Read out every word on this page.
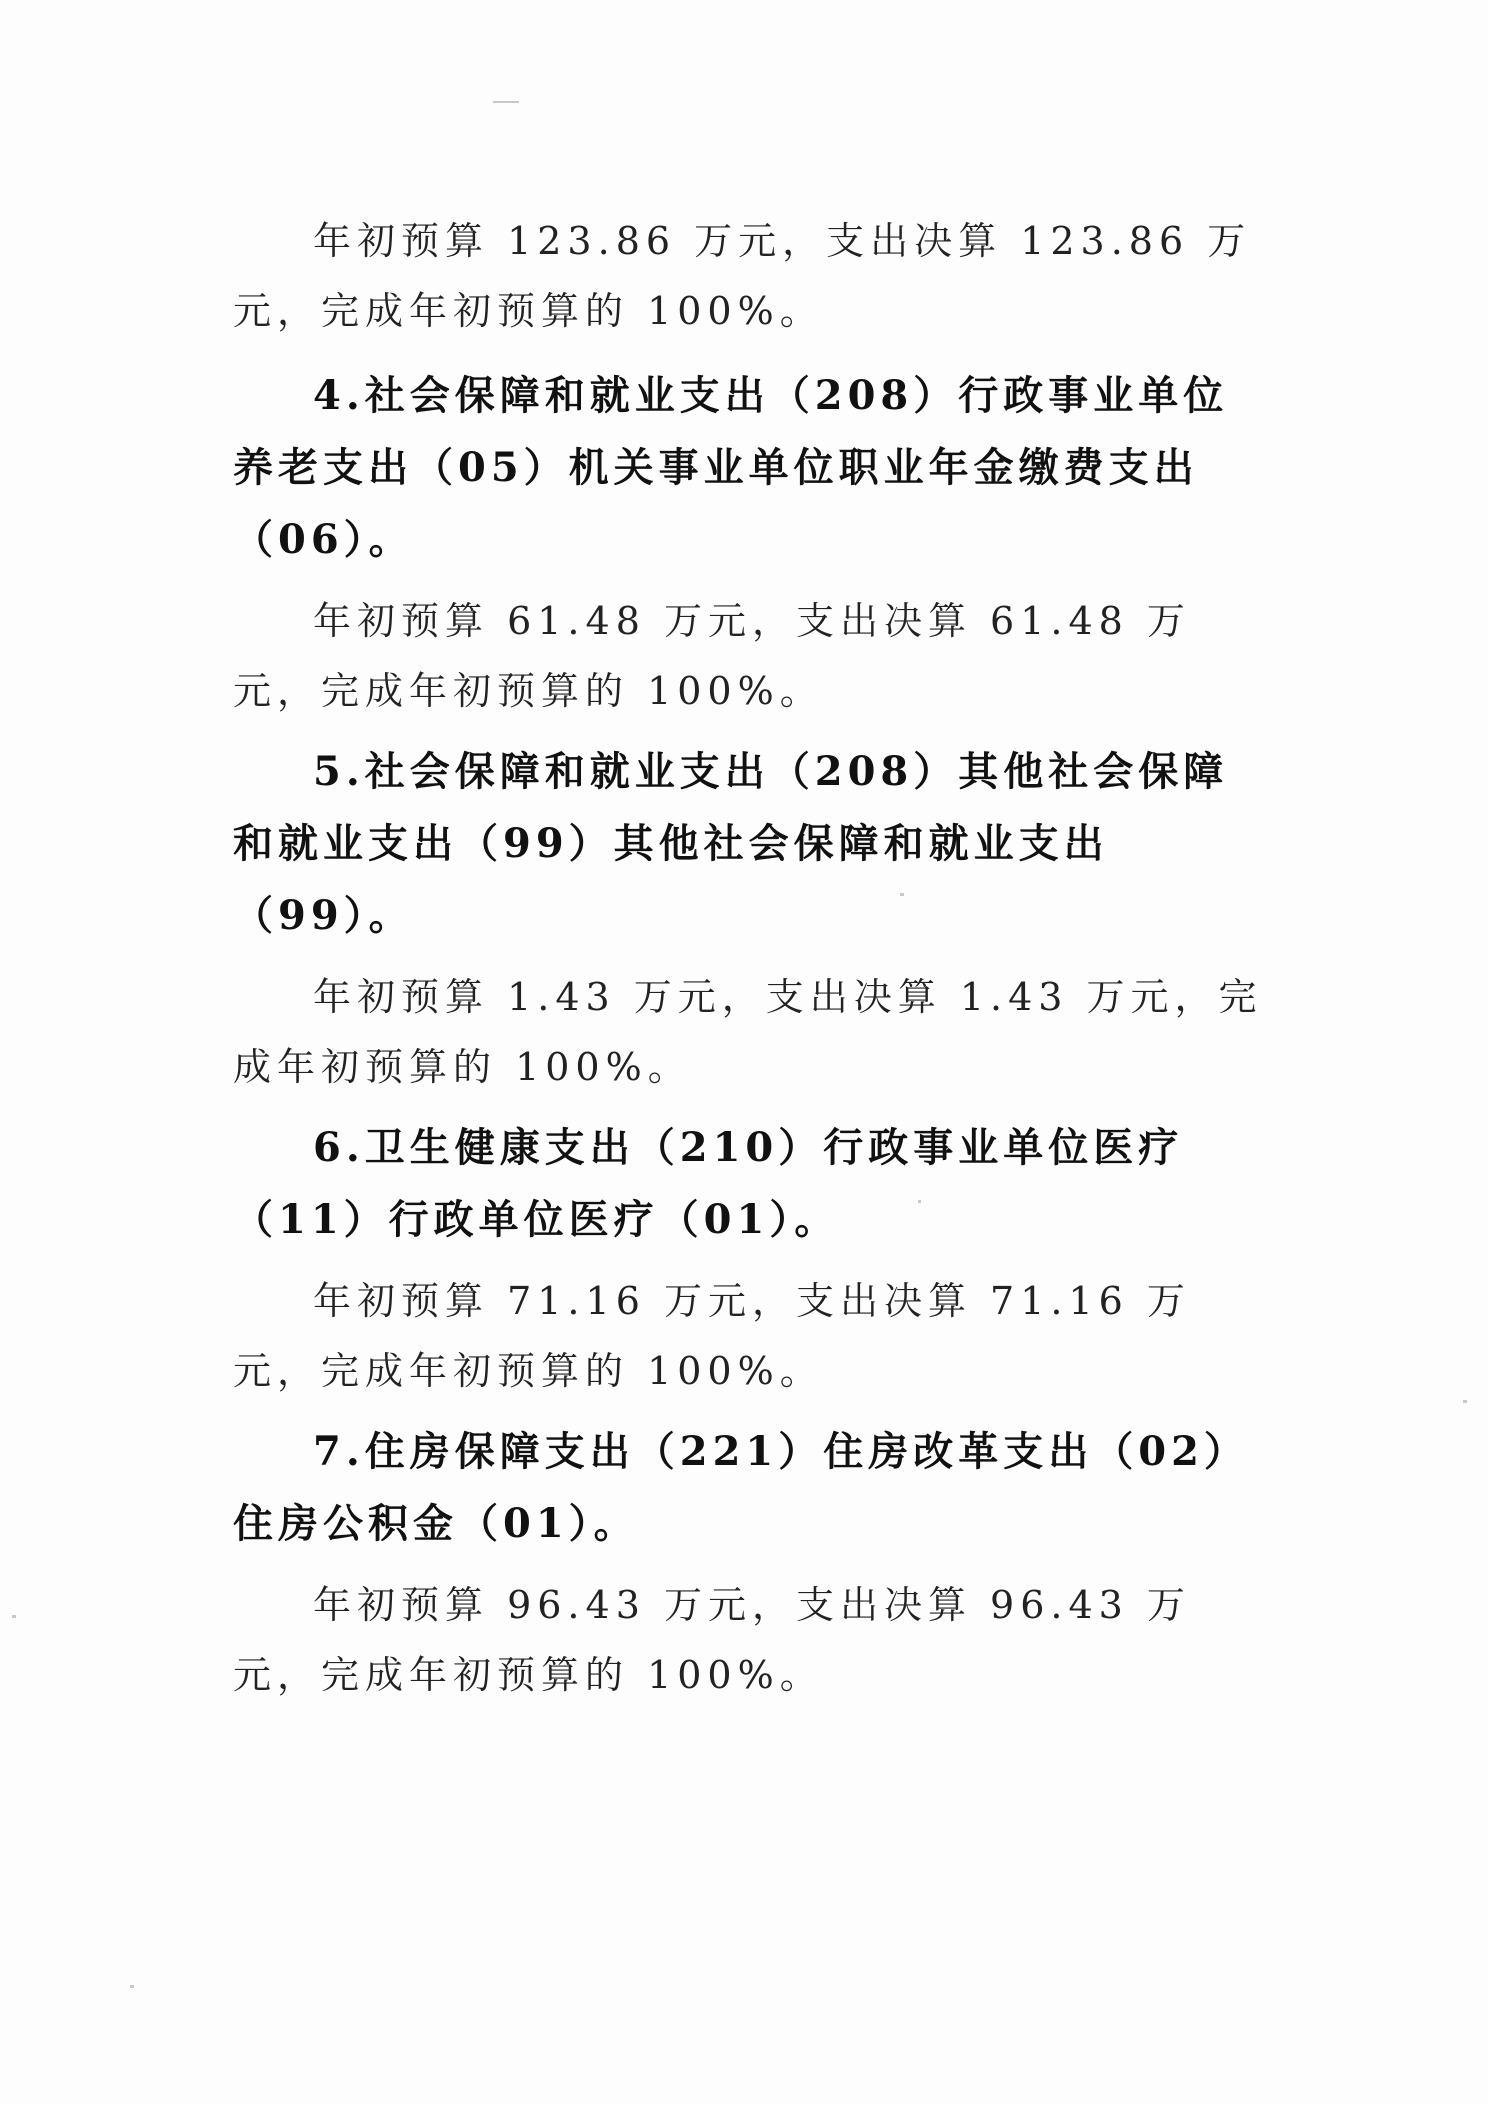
年初预算 123.86 万元，支出决算 123.86 万元，完成年初预算的 100%。

4.社会保障和就业支出（208）行政事业单位养老支出（05）机关事业单位职业年金缴费支出（06）。

年初预算 61.48 万元，支出决算 61.48 万元，完成年初预算的 100%。

5.社会保障和就业支出（208）其他社会保障和就业支出（99）其他社会保障和就业支出（99）。

年初预算 1.43 万元，支出决算 1.43 万元，完成年初预算的 100%。

6.卫生健康支出（210）行政事业单位医疗（11）行政单位医疗（01）。

年初预算 71.16 万元，支出决算 71.16 万元，完成年初预算的 100%。

7.住房保障支出（221）住房改革支出（02）住房公积金（01）。

年初预算 96.43 万元，支出决算 96.43 万元，完成年初预算的 100%。
